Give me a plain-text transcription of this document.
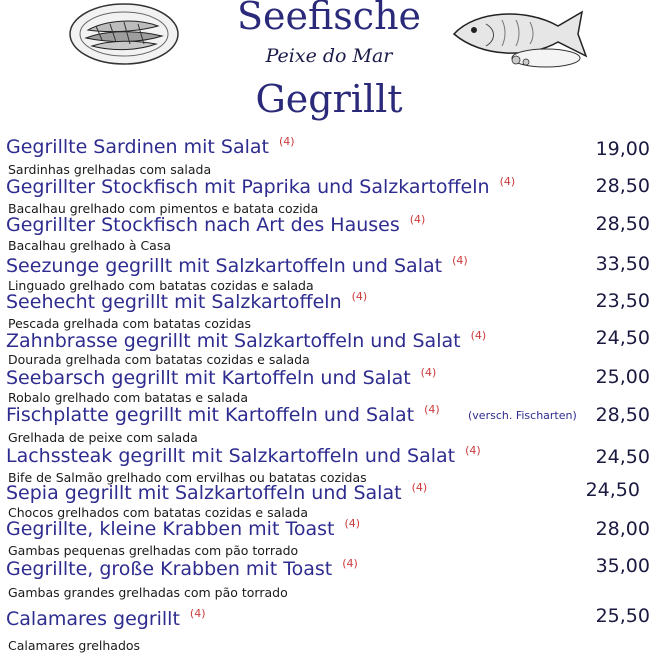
Seefische
Peixe do Mar
Gegrillt
Gegrillte Sardinen mit Salat $^{(4)}$	19,00
Sardinhas grelhadas com salada
Gegrillter Stockfisch mit Paprika und Salzkartoffeln $^{(4)}$	28,50
Bacalhau grelhado com pimentos e batata cozida
Gegrillter Stockfisch nach Art des Hauses $^{(4)}$	28,50
Bacalhau grelhado à Casa
Seezunge gegrillt mit Salzkartoffeln und Salat $^{(4)}$	33,50
Linguado grelhado com batatas cozidas e salada
Seehecht gegrillt mit Salzkartoffeln $^{(4)}$	23,50
Pescada grelhada com batatas cozidas
Zahnbrasse gegrillt mit Salzkartoffeln und Salat $^{(4)}$	24,50
Dourada grelhada com batatas cozidas e salada
Seebarsch gegrillt mit Kartoffeln und Salat $^{(4)}$	25,00
Robalo grelhado com batatas e salada
Fischplatte gegrillt mit Kartoffeln und Salat $^{(4)}$	(versch. Fischarten) 28,50
Grelhada de peixe com salada
Lachssteak gegrillt mit Salzkartoffeln und Salat $^{(4)}$	24,50
Bife de Salmão grelhado com ervilhas ou batatas cozidas
Sepia gegrillt mit Salzkartoffeln und Salat $^{(4)}$	24,50
Chocos grelhados com batatas cozidas e salada
Gegrillte, kleine Krabben mit Toast $^{(4)}$	28,00
Gambas pequenas grelhadas com pão torrado
Gegrillte, große Krabben mit Toast $^{(4)}$	35,00
Gambas grandes grelhadas com pão torrado
Calamares gegrillt $^{(4)}$	25,50
Calamares grelhados
